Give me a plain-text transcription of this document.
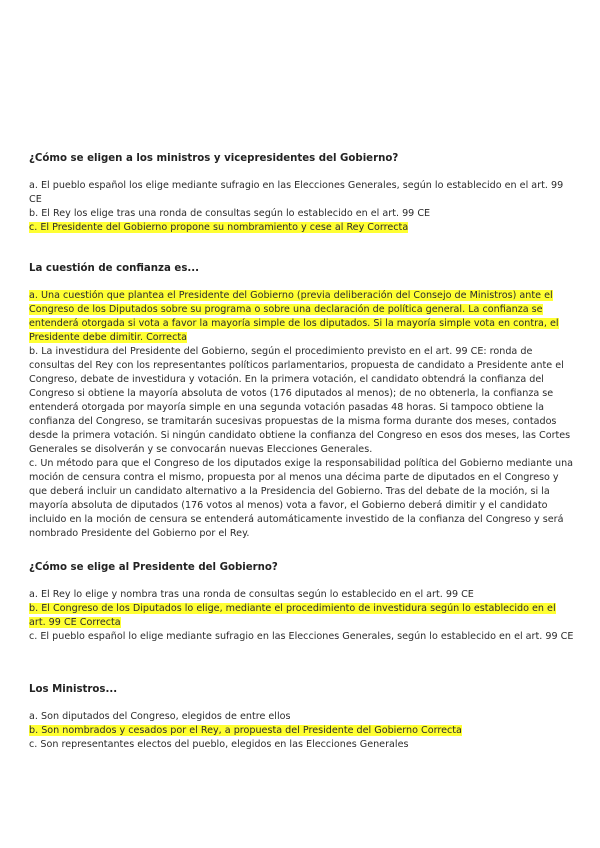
¿Cómo se eligen a los ministros y vicepresidentes del Gobierno?

a. El pueblo español los elige mediante sufragio en las Elecciones Generales, según lo establecido en el art. 99 CE

b. El Rey los elige tras una ronda de consultas según lo establecido en el art. 99 CE

c. El Presidente del Gobierno propone su nombramiento y cese al Rey Correcta

La cuestión de confianza es...

a. Una cuestión que plantea el Presidente del Gobierno (previa deliberación del Consejo de Ministros) ante el Congreso de los Diputados sobre su programa o sobre una declaración de política general. La confianza se entenderá otorgada si vota a favor la mayoría simple de los diputados. Si la mayoría simple vota en contra, el Presidente debe dimitir. Correcta

b. La investidura del Presidente del Gobierno, según el procedimiento previsto en el art. 99 CE: ronda de consultas del Rey con los representantes políticos parlamentarios, propuesta de candidato a Presidente ante el Congreso, debate de investidura y votación. En la primera votación, el candidato obtendrá la confianza del Congreso si obtiene la mayoría absoluta de votos (176 diputados al menos); de no obtenerla, la confianza se entenderá otorgada por mayoría simple en una segunda votación pasadas 48 horas. Si tampoco obtiene la confianza del Congreso, se tramitarán sucesivas propuestas de la misma forma durante dos meses, contados desde la primera votación. Si ningún candidato obtiene la confianza del Congreso en esos dos meses, las Cortes Generales se disolverán y se convocarán nuevas Elecciones Generales.

c. Un método para que el Congreso de los diputados exige la responsabilidad política del Gobierno mediante una moción de censura contra el mismo, propuesta por al menos una décima parte de diputados en el Congreso y que deberá incluir un candidato alternativo a la Presidencia del Gobierno. Tras del debate de la moción, si la mayoría absoluta de diputados (176 votos al menos) vota a favor, el Gobierno deberá dimitir y el candidato incluido en la moción de censura se entenderá automáticamente investido de la confianza del Congreso y será nombrado Presidente del Gobierno por el Rey.

¿Cómo se elige al Presidente del Gobierno?

a. El Rey lo elige y nombra tras una ronda de consultas según lo establecido en el art. 99 CE

b. El Congreso de los Diputados lo elige, mediante el procedimiento de investidura según lo establecido en el art. 99 CE Correcta

c. El pueblo español lo elige mediante sufragio en las Elecciones Generales, según lo establecido en el art. 99 CE

Los Ministros...

a. Son diputados del Congreso, elegidos de entre ellos

b. Son nombrados y cesados por el Rey, a propuesta del Presidente del Gobierno Correcta

c. Son representantes electos del pueblo, elegidos en las Elecciones Generales
